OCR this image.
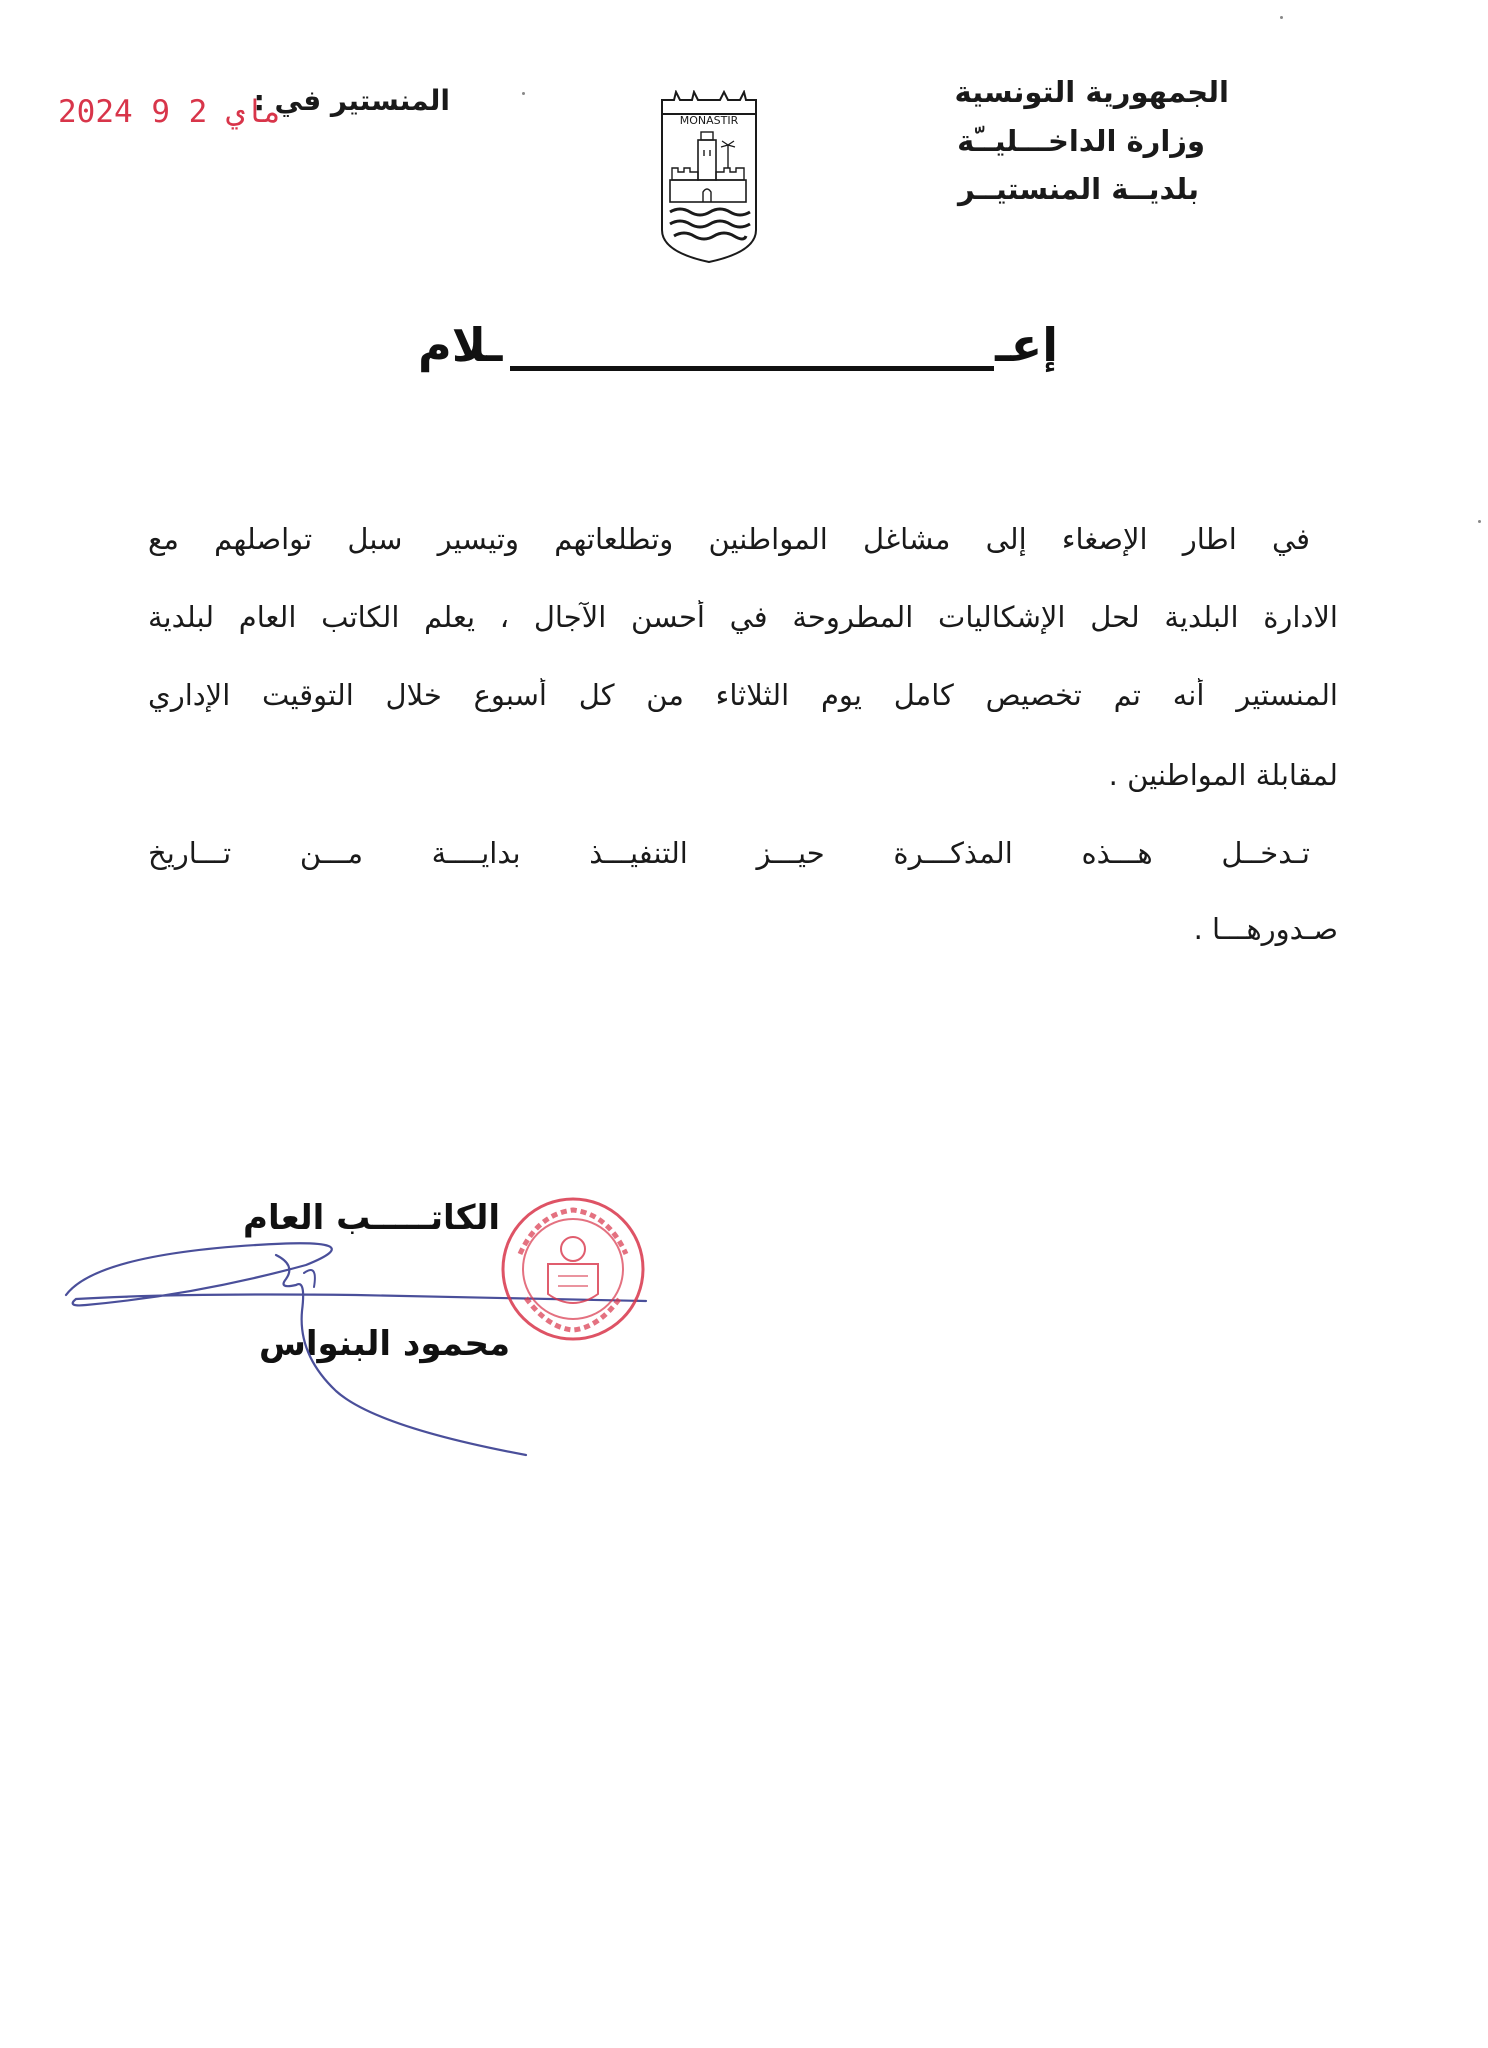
الجمهورية التونسية
وزارة الداخـــليــّة
بلديــة المنستيــر
المنستير في :
2024 ماي 2 9	MONASTIR
إعـ
ـلام
في اطار الإصغاء إلى مشاغل المواطنين وتطلعاتهم وتيسير سبل تواصلهم مع
الادارة البلدية لحل الإشكاليات المطروحة في أحسن الآجال ، يعلم الكاتب العام لبلدية
المنستير أنه تم تخصيص كامل يوم الثلاثاء من كل أسبوع خلال التوقيت الإداري
لمقابلة المواطنين .
تـدخــل هـــذه المذكـــرة حيـــز التنفيـــذ بدايــــة مـــن تـــاريخ
صـدورهـــا .
الكاتـــــب العام
محمود البنواس
